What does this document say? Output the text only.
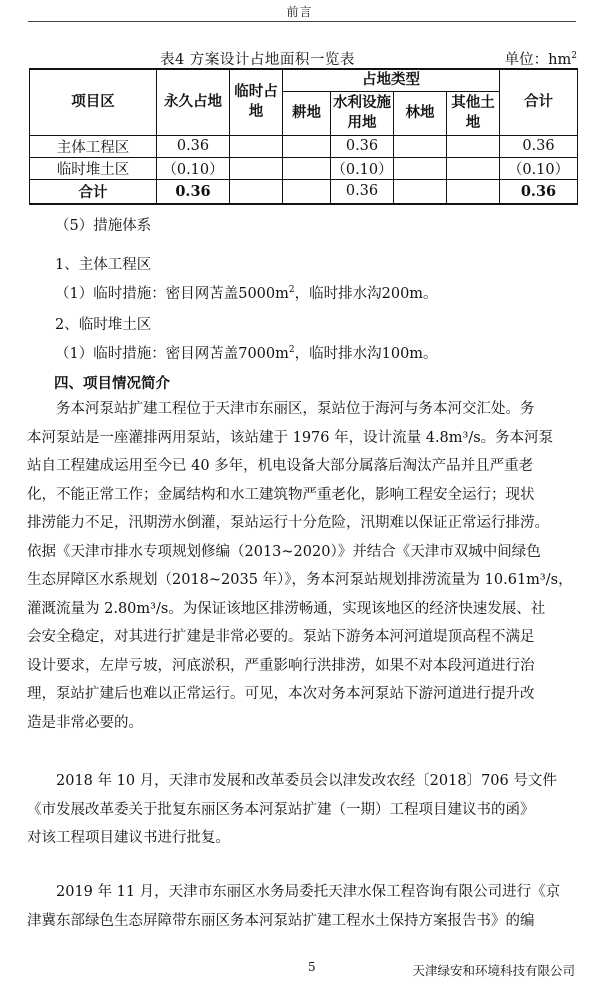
前言
表4 方案设计占地面积一览表	单位：$hm^2$
项目区	永久占地	临时占地	占地类型				合计
			耕地	水利设施用地	林地	其他土地	
主体工程区	0.36			0.36			0.36
临时堆土区	（0.10）			（0.10）			（0.10）
合计	0.36			0.36			0.36

（5）措施体系

1、主体工程区

（1）临时措施：密目网苫盖$5000m^2$，临时排水沟200m。

2、临时堆土区

（1）临时措施：密目网苫盖$7000m^2$，临时排水沟100m。

四、项目情况简介

　　务本河泵站扩建工程位于天津市东丽区，泵站位于海河与务本河交汇处。务
本河泵站是一座灌排两用泵站，该站建于 1976 年，设计流量 4.8m³/s。务本河泵
站自工程建成运用至今已 40 多年，机电设备大部分属落后淘汰产品并且严重老
化，不能正常工作；金属结构和水工建筑物严重老化，影响工程安全运行；现状
排涝能力不足，汛期涝水倒灌，泵站运行十分危险，汛期难以保证正常运行排涝。
依据《天津市排水专项规划修编（2013~2020）》并结合《天津市双城中间绿色
生态屏障区水系规划（2018~2035 年）》，务本河泵站规划排涝流量为 10.61m³/s，
灌溉流量为 2.80m³/s。为保证该地区排涝畅通，实现该地区的经济快速发展、社
会安全稳定，对其进行扩建是非常必要的。泵站下游务本河河道堤顶高程不满足
设计要求，左岸亏坡，河底淤积，严重影响行洪排涝，如果不对本段河道进行治
理，泵站扩建后也难以正常运行。可见，本次对务本河泵站下游河道进行提升改
造是非常必要的。
　　2018 年 10 月，天津市发展和改革委员会以津发改农经〔2018〕706 号文件
《市发展改革委关于批复东丽区务本河泵站扩建（一期）工程项目建议书的函》
对该工程项目建议书进行批复。
　　2019 年 11 月，天津市东丽区水务局委托天津水保工程咨询有限公司进行《京
津冀东部绿色生态屏障带东丽区务本河泵站扩建工程水土保持方案报告书》的编
5	天津绿安和环境科技有限公司
